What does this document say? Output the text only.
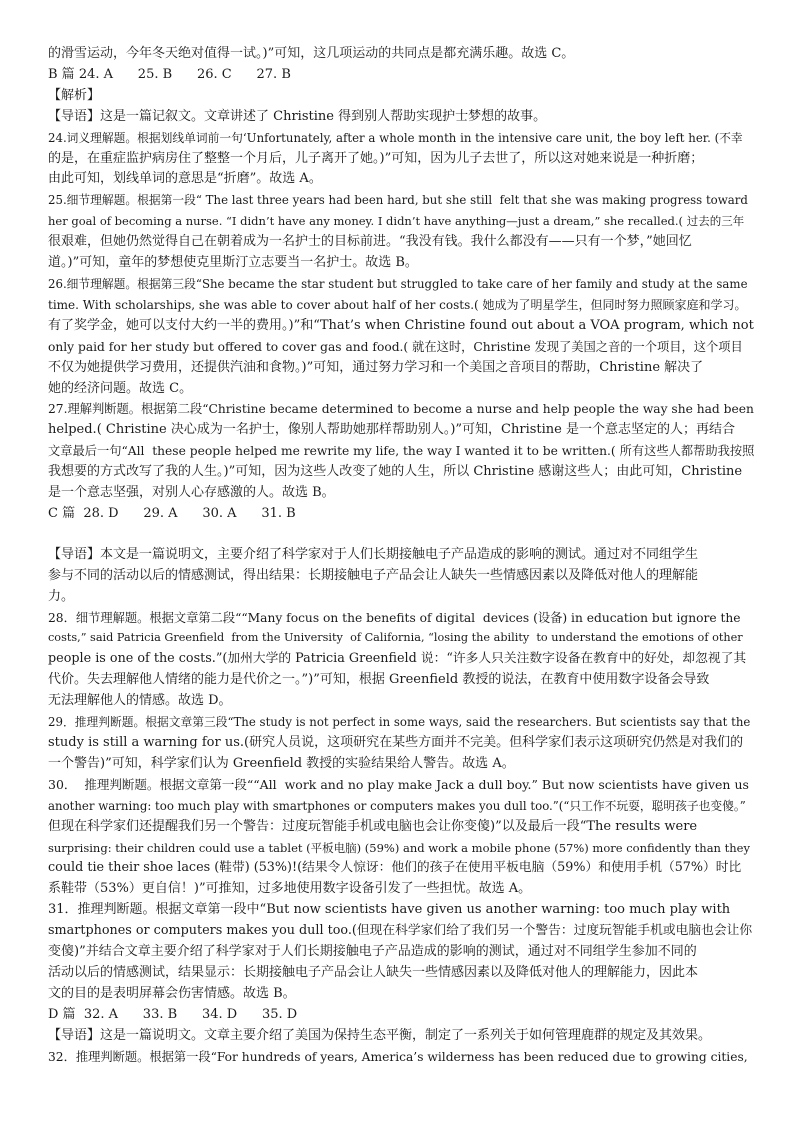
的滑雪运动，今年冬天绝对值得一试。)”可知，这几项运动的共同点是都充满乐趣。故选 C。

B 篇 24. A      25. B      26. C      27. B

【解析】

【导语】这是一篇记叙文。文章讲述了 Christine 得到别人帮助实现护士梦想的故事。

24.词义理解题。根据划线单词前一句‘Unfortunately, after a whole month in the intensive care unit, the boy left her. (不幸

的是，在重症监护病房住了整整一个月后，儿子离开了她。)”可知，因为儿子去世了，所以这对她来说是一种折磨；

由此可知，划线单词的意思是“折磨”。故选 A。

25.细节理解题。根据第一段“ The last three years had been hard, but she still  felt that she was making progress toward

her goal of becoming a nurse. “I didn’t have any money. I didn’t have anything—just a dream,” she recalled.( 过去的三年

很艰难，但她仍然觉得自己在朝着成为一名护士的目标前进。“我没有钱。我什么都没有——只有一个梦，”她回忆

道。)”可知，童年的梦想使克里斯汀立志要当一名护士。故选 B。

26.细节理解题。根据第三段“She became the star student but struggled to take care of her family and study at the same

time. With scholarships, she was able to cover about half of her costs.( 她成为了明星学生，但同时努力照顾家庭和学习。

有了奖学金，她可以支付大约一半的费用。)”和“That’s when Christine found out about a VOA program, which not

only paid for her study but offered to cover gas and food.( 就在这时，Christine 发现了美国之音的一个项目，这个项目

不仅为她提供学习费用，还提供汽油和食物。)”可知，通过努力学习和一个美国之音项目的帮助，Christine 解决了

她的经济问题。故选 C。

27.理解判断题。根据第二段“Christine became determined to become a nurse and help people the way she had been

helped.( Christine 决心成为一名护士，像别人帮助她那样帮助别人。)”可知，Christine 是一个意志坚定的人；再结合

文章最后一句“All  these people helped me rewrite my life, the way I wanted it to be written.( 所有这些人都帮助我按照

我想要的方式改写了我的人生。)”可知，因为这些人改变了她的人生，所以 Christine 感谢这些人；由此可知，Christine

是一个意志坚强，对别人心存感激的人。故选 B。

C 篇  28. D      29. A      30. A      31. B

【导语】本文是一篇说明文，主要介绍了科学家对于人们长期接触电子产品造成的影响的测试。通过对不同组学生

参与不同的活动以后的情感测试，得出结果：长期接触电子产品会让人缺失一些情感因素以及降低对他人的理解能

力。

28．细节理解题。根据文章第二段““Many focus on the benefits of digital  devices (设备) in education but ignore the

costs,” said Patricia Greenfield  from the University  of California, “losing the ability  to understand the emotions of other

people is one of the costs.”(加州大学的 Patricia Greenfield 说：“许多人只关注数字设备在教育中的好处，却忽视了其

代价。失去理解他人情绪的能力是代价之一。”)”可知，根据 Greenfield 教授的说法，在教育中使用数字设备会导致

无法理解他人的情感。故选 D。

29．推理判断题。根据文章第三段“The study is not perfect in some ways, said the researchers. But scientists say that the

study is still a warning for us.(研究人员说，这项研究在某些方面并不完美。但科学家们表示这项研究仍然是对我们的

一个警告)”可知，科学家们认为 Greenfield 教授的实验结果给人警告。故选 A。

30．  推理判断题。根据文章第一段““All  work and no play make Jack a dull boy.” But now scientists have given us

another warning: too much play with smartphones or computers makes you dull too.”(“只工作不玩耍，聪明孩子也变傻。”

但现在科学家们还提醒我们另一个警告：过度玩智能手机或电脑也会让你变傻)”以及最后一段“The results were

surprising: their children could use a tablet (平板电脑) (59%) and work a mobile phone (57%) more confidently than they

could tie their shoe laces (鞋带) (53%)!(结果令人惊讶：他们的孩子在使用平板电脑（59%）和使用手机（57%）时比

系鞋带（53%）更自信！)”可推知，过多地使用数字设备引发了一些担忧。故选 A。

31．推理判断题。根据文章第一段中“But now scientists have given us another warning: too much play with

smartphones or computers makes you dull too.(但现在科学家们给了我们另一个警告：过度玩智能手机或电脑也会让你

变傻)”并结合文章主要介绍了科学家对于人们长期接触电子产品造成的影响的测试，通过对不同组学生参加不同的

活动以后的情感测试，结果显示：长期接触电子产品会让人缺失一些情感因素以及降低对他人的理解能力，因此本

文的目的是表明屏幕会伤害情感。故选 B。

D 篇  32. A      33. B      34. D      35. D

【导语】这是一篇说明文。文章主要介绍了美国为保持生态平衡，制定了一系列关于如何管理鹿群的规定及其效果。

32．推理判断题。根据第一段“For hundreds of years, America’s wilderness has been reduced due to growing cities,
